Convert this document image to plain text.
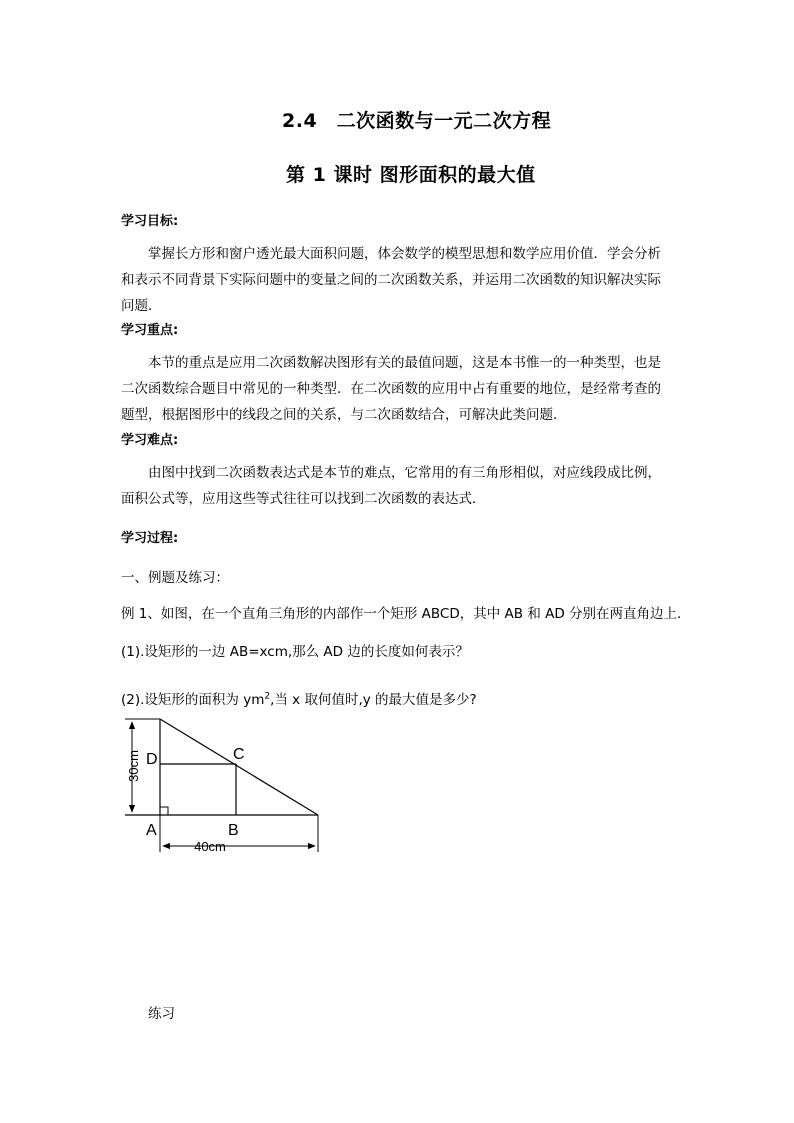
2.4　二次函数与一元二次方程
第 1 课时 图形面积的最大值
学习目标:
掌握长方形和窗户透光最大面积问题，体会数学的模型思想和数学应用价值．学会分析
和表示不同背景下实际问题中的变量之间的二次函数关系，并运用二次函数的知识解决实际
问题．
学习重点:
本节的重点是应用二次函数解决图形有关的最值问题，这是本书惟一的一种类型，也是
二次函数综合题目中常见的一种类型．在二次函数的应用中占有重要的地位，是经常考查的
题型，根据图形中的线段之间的关系，与二次函数结合，可解决此类问题．
学习难点:
由图中找到二次函数表达式是本节的难点，它常用的有三角形相似，对应线段成比例，
面积公式等，应用这些等式往往可以找到二次函数的表达式．
学习过程:
一、例题及练习：
例 1、如图，在一个直角三角形的内部作一个矩形 ABCD，其中 AB 和 AD 分别在两直角边上．
(1).设矩形的一边 AB=xcm,那么 AD 边的长度如何表示？
(2).设矩形的面积为 $ym^2$,当 x 取何值时,y 的最大值是多少?
D	C
A	B
40cm
30cm
练习
